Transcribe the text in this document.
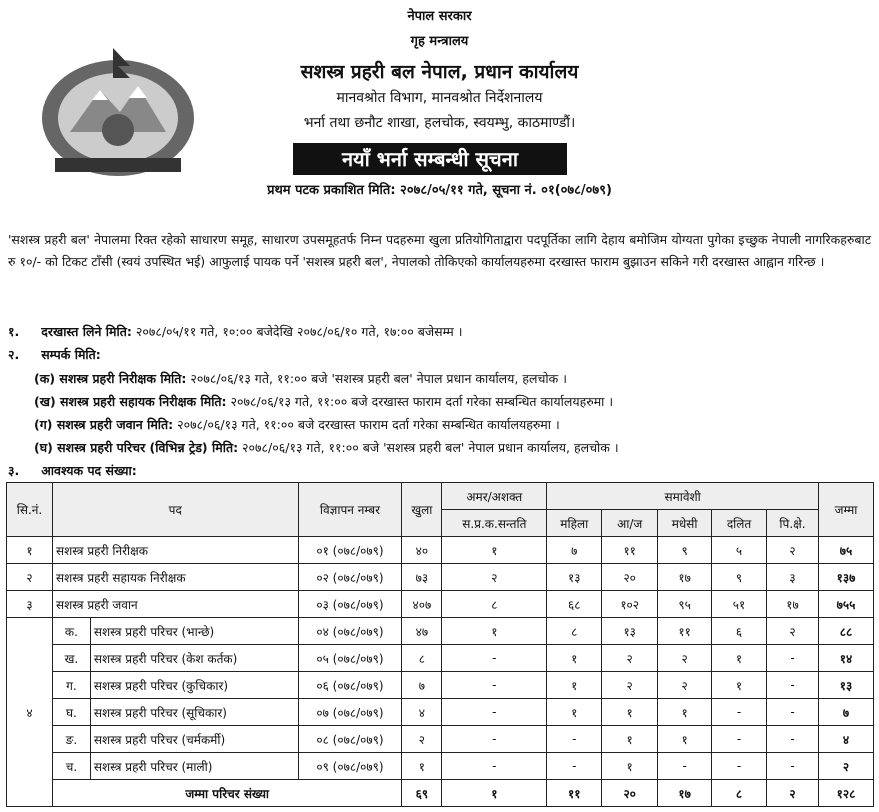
नेपाल सरकार
गृह मन्त्रालय
सशस्त्र प्रहरी बल नेपाल, प्रधान कार्यालय
मानवश्रोत विभाग, मानवश्रोत निर्देशनालय
भर्ना तथा छनौट शाखा, हलचोक, स्वयम्भु, काठमाण्डौं।
नयाँ भर्ना सम्बन्धी सूचना
प्रथम पटक प्रकाशित मिति: २०७८/०५/११ गते, सूचना नं. ०१(०७८/०७९)
'सशस्त्र प्रहरी बल' नेपालमा रिक्त रहेको साधारण समूह, साधारण उपसमूहतर्फ निम्न पदहरुमा खुला प्रतियोगिताद्वारा पदपूर्तिका लागि देहाय बमोजिम योग्यता पुगेका इच्छुक नेपाली नागरिकहरुबाट रु १०/- को टिकट टाँसी (स्वयं उपस्थित भई) आफुलाई पायक पर्ने 'सशस्त्र प्रहरी बल', नेपालको तोकिएको कार्यालयहरुमा दरखास्त फाराम बुझाउन सकिने गरी दरखास्त आह्वान गरिन्छ ।
१. दरखास्त लिने मिति: २०७८/०५/११ गते, १०:०० बजेदेखि २०७८/०६/१० गते, १७:०० बजेसम्म ।
२. सम्पर्क मिति:
(क) सशस्त्र प्रहरी निरीक्षक मिति: २०७८/०६/१३ गते, ११:०० बजे 'सशस्त्र प्रहरी बल' नेपाल प्रधान कार्यालय, हलचोक ।
(ख) सशस्त्र प्रहरी सहायक निरीक्षक मिति: २०७८/०६/१३ गते, ११:०० बजे दरखास्त फाराम दर्ता गरेका सम्बन्धित कार्यालयहरुमा ।
(ग) सशस्त्र प्रहरी जवान मिति: २०७८/०६/१३ गते, ११:०० बजे दरखास्त फाराम दर्ता गरेका सम्बन्धित कार्यालयहरुमा ।
(घ) सशस्त्र प्रहरी परिचर (विभिन्न ट्रेड) मिति: २०७८/०६/१३ गते, ११:०० बजे 'सशस्त्र प्रहरी बल' नेपाल प्रधान कार्यालय, हलचोक ।
३. आवश्यक पद संख्या:
सि.नं.	पद		विज्ञापन नम्बर	खुला	अमर/अशक्त	समावेशी					जम्मा
					स.प्र.क.सन्तति	महिला	आ/ज	मधेसी	दलित	पि.क्षे.	
१	सशस्त्र प्रहरी निरीक्षक		०१ (०७८/०७९)	४०	१	७	११	९	५	२	७५
२	सशस्त्र प्रहरी सहायक निरीक्षक		०२ (०७८/०७९)	७३	२	१३	२०	१७	९	३	१३७
३	सशस्त्र प्रहरी जवान		०३ (०७८/०७९)	४०७	८	६८	१०२	९५	५१	१७	७५५
४	क.	सशस्त्र प्रहरी परिचर (भान्छे)	०४ (०७८/०७९)	४७	१	८	१३	११	६	२	८८
	ख.	सशस्त्र प्रहरी परिचर (केश कर्तक)	०५ (०७८/०७९)	८	-	१	२	२	१	-	१४
	ग.	सशस्त्र प्रहरी परिचर (कुचिकार)	०६ (०७८/०७९)	७	-	१	२	२	१	-	१३
	घ.	सशस्त्र प्रहरी परिचर (सूचिकार)	०७ (०७८/०७९)	४	-	१	१	१	-	-	७
	ङ.	सशस्त्र प्रहरी परिचर (चर्मकर्मी)	०८ (०७८/०७९)	२	-	-	१	१	-	-	४
	च.	सशस्त्र प्रहरी परिचर (माली)	०९ (०७८/०७९)	१	-	-	१	-	-	-	२
	जम्मा परिचर संख्या			६९	१	११	२०	१७	८	२	१२८
